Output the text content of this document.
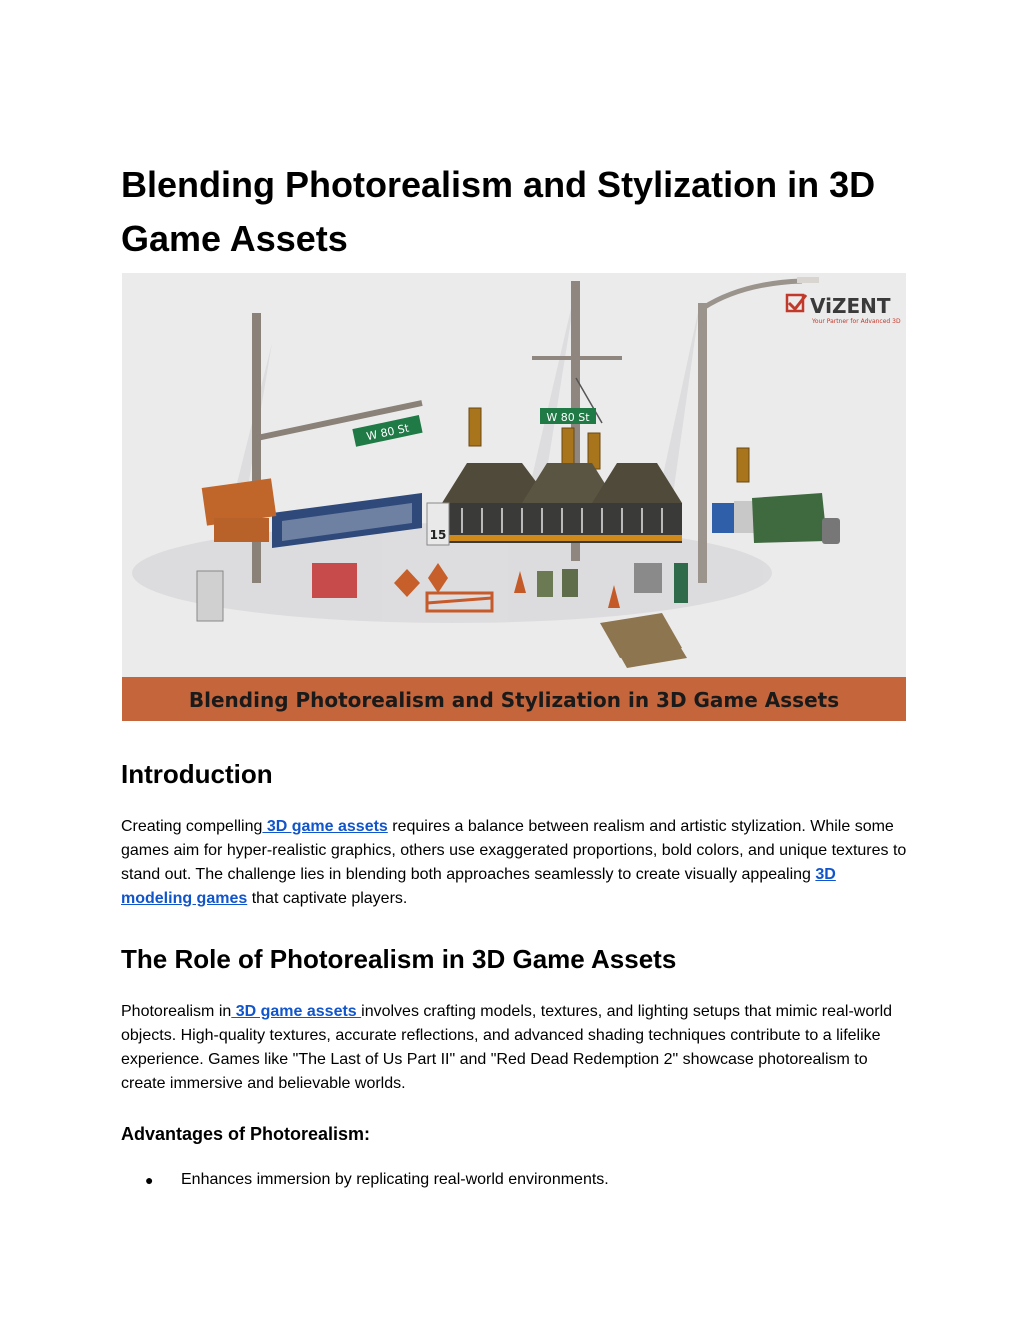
Blending Photorealism and Stylization in 3D Game Assets
W 80 St
W 80 St
15
ViZENT
Your Partner for Advanced 3D
Blending Photorealism and Stylization in 3D Game Assets
Introduction

Creating compelling 3D game assets requires a balance between realism and artistic stylization. While some games aim for hyper-realistic graphics, others use exaggerated proportions, bold colors, and unique textures to stand out. The challenge lies in blending both approaches seamlessly to create visually appealing 3D modeling games that captivate players.

The Role of Photorealism in 3D Game Assets

Photorealism in 3D game assets involves crafting models, textures, and lighting setups that mimic real-world objects. High-quality textures, accurate reflections, and advanced shading techniques contribute to a lifelike experience. Games like "The Last of Us Part II" and "Red Dead Redemption 2" showcase photorealism to create immersive and believable worlds.

Advantages of Photorealism:
● Enhances immersion by replicating real-world environments.
